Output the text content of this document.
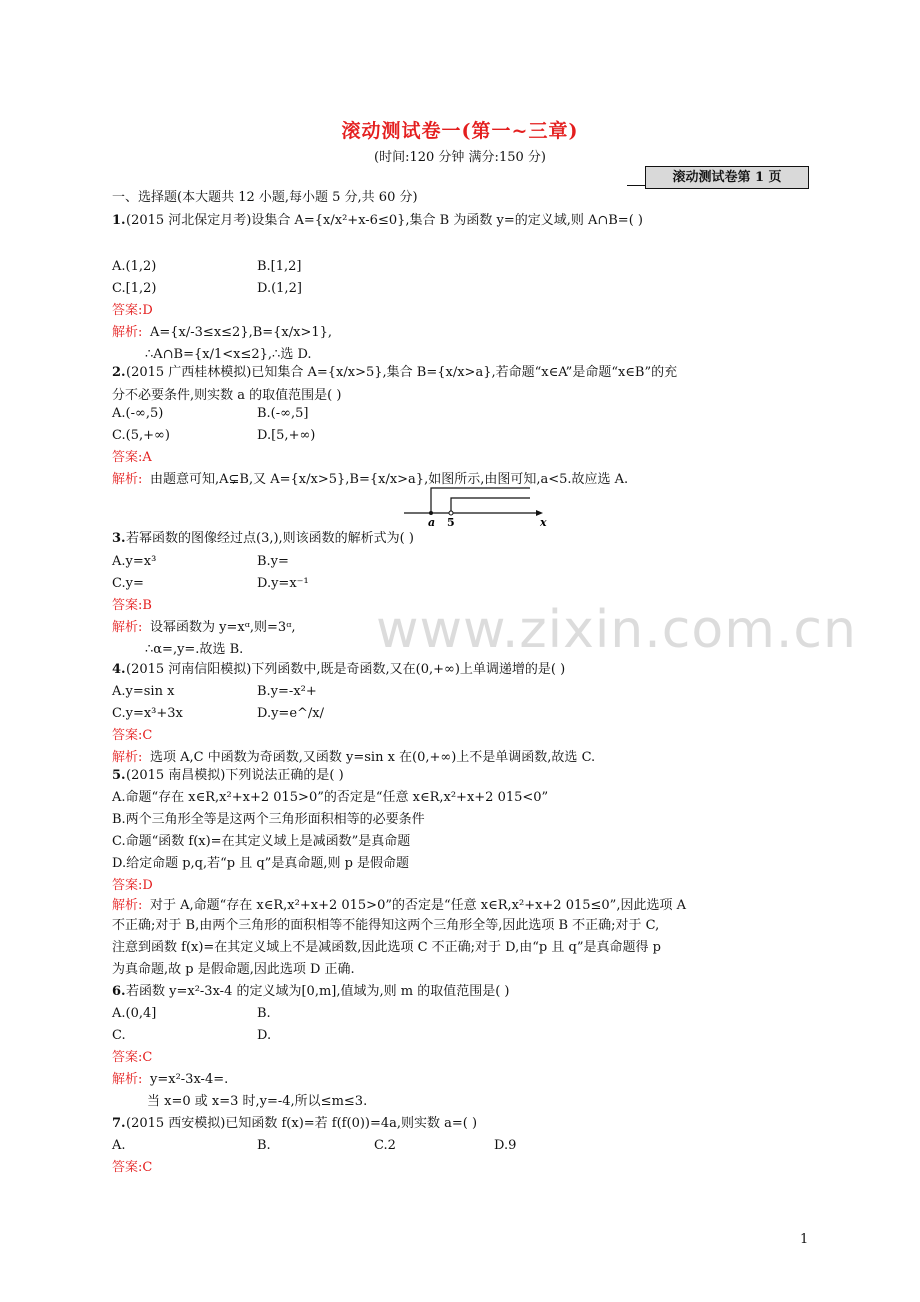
滚动测试卷一(第一~三章)
(时间:120 分钟 满分:150 分)
滚动测试卷第 1 页
www.zixin.com.cn
一、选择题(本大题共 12 小题,每小题 5 分,共 60 分)
1. (2015 河北保定月考)设集合 A={x/x²+x-6≤0},集合 B 为函数 y=的定义域,则 A∩B=( )
A.(1,2)	B.[1,2]
C.[1,2)	D.(1,2]
答案:D
解析: A={x/-3≤x≤2},B={x/x>1},
∴A∩B={x/1<x≤2},∴选 D.
2. (2015 广西桂林模拟)已知集合 A={x/x>5},集合 B={x/x>a},若命题“x∈A”是命题“x∈B”的充
分不必要条件,则实数 a 的取值范围是( )
A.(-∞,5)	B.(-∞,5]
C.(5,+∞)	D.[5,+∞)
答案:A
解析: 由题意可知,A⊊B,又 A={x/x>5},B={x/x>a},如图所示,由图可知,a<5.故应选 A.
3. 若幂函数的图像经过点(3,),则该函数的解析式为( )
A.y=x³	B.y=
C.y=	D.y=x⁻¹
答案:B
解析: 设幂函数为 y=xᵅ,则=3ᵅ,
∴α=,y=.故选 B.
4. (2015 河南信阳模拟)下列函数中,既是奇函数,又在(0,+∞)上单调递增的是( )
A.y=sin x	B.y=-x²+
C.y=x³+3x	D.y=e^/x/
答案:C
解析: 选项 A,C 中函数为奇函数,又函数 y=sin x 在(0,+∞)上不是单调函数,故选 C.
5. (2015 南昌模拟)下列说法正确的是( )
A.命题“存在 x∈R,x²+x+2 015>0”的否定是“任意 x∈R,x²+x+2 015<0”
B.两个三角形全等是这两个三角形面积相等的必要条件
C.命题“函数 f(x)=在其定义域上是减函数”是真命题
D.给定命题 p,q,若“p 且 q”是真命题,则 p 是假命题
答案:D
解析: 对于 A,命题“存在 x∈R,x²+x+2 015>0”的否定是“任意 x∈R,x²+x+2 015≤0”,因此选项 A
不正确;对于 B,由两个三角形的面积相等不能得知这两个三角形全等,因此选项 B 不正确;对于 C,
注意到函数 f(x)=在其定义域上不是减函数,因此选项 C 不正确;对于 D,由“p 且 q”是真命题得 p
为真命题,故 p 是假命题,因此选项 D 正确.
6. 若函数 y=x²-3x-4 的定义域为[0,m],值域为,则 m 的取值范围是( )
A.(0,4]	B.
C.	D.
答案:C
解析: y=x²-3x-4=.
当 x=0 或 x=3 时,y=-4,所以≤m≤3.
7. (2015 西安模拟)已知函数 f(x)=若 f(f(0))=4a,则实数 a=( )
A.	B.	C.2	D.9
答案:C
a 5	x
1
